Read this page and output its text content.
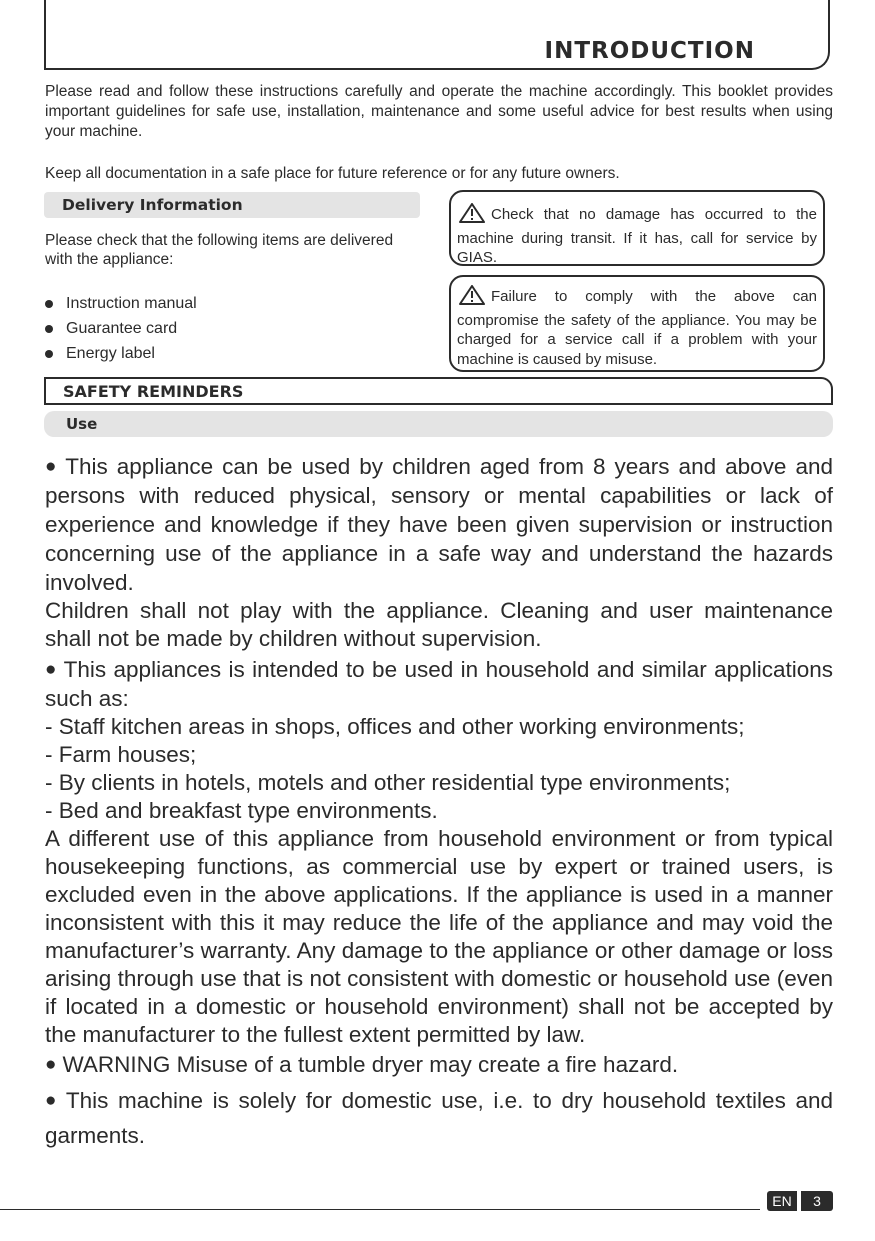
INTRODUCTION
Please read and follow these instructions carefully and operate the machine accordingly. This booklet provides important guidelines for safe use, installation, maintenance and some useful advice for best results when using your machine.
Keep all documentation in a safe place for future reference or for any future owners.
Delivery Information
Please check that the following items are delivered with the appliance:
Instruction manual
Guarantee card
Energy label
Check that no damage has occurred to the machine during transit. If it has, call for service by GIAS.
Failure to comply with the above can compromise the safety of the appliance. You may be charged for a service call if a problem with your machine is caused by misuse.
SAFETY REMINDERS
Use

● This appliance can be used by children aged from 8 years and above and persons with reduced physical, sensory or mental capabilities or lack of experience and knowledge if they have been given supervision or instruction concerning use of the appliance in a safe way and understand the hazards involved.

Children shall not play with the appliance. Cleaning and user maintenance shall not be made by children without supervision.

● This appliances is intended to be used in household and similar applications such as:

- Staff kitchen areas in shops, offices and other working environments;

- Farm houses;

- By clients in hotels, motels and other residential type environments;

- Bed and breakfast type environments.

A different use of this appliance from household environment or from typical housekeeping functions, as commercial use by expert or trained users, is excluded even in the above applications. If the appliance is used in a manner inconsistent with this it may reduce the life of the appliance and may void the manufacturer’s warranty. Any damage to the appliance or other damage or loss arising through use that is not consistent with domestic or household use (even if located in a domestic or household environment) shall not be accepted by the manufacturer to the fullest extent permitted by law.

● WARNING Misuse of a tumble dryer may create a fire hazard.

● This machine is solely for domestic use, i.e. to dry household textiles and garments.

EN	3
